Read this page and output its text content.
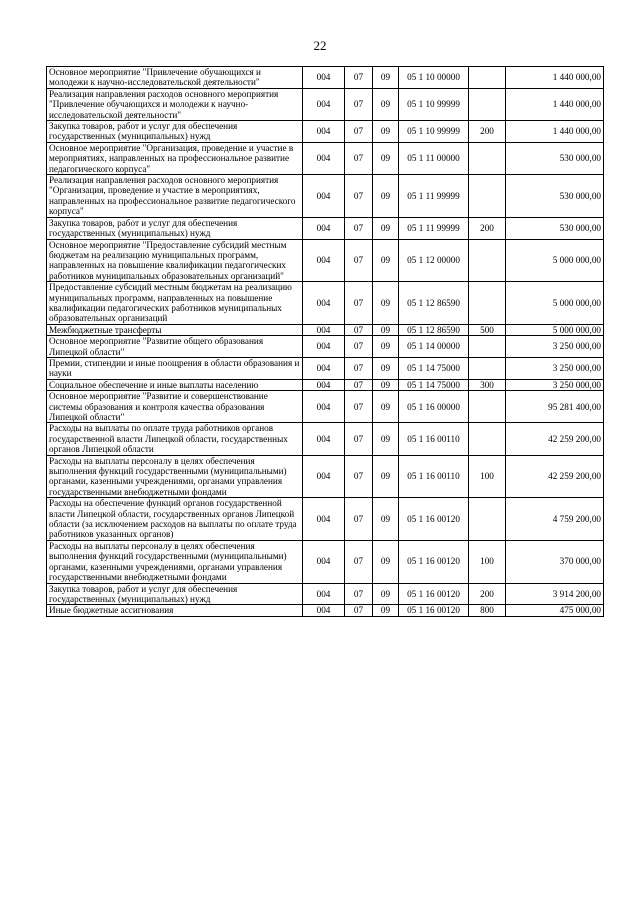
22
Основное мероприятие "Привлечение обучающихся и молодежи к научно-исследовательской деятельности"	004	07	09	05 1 10 00000		1 440 000,00
Реализация направления расходов основного мероприятия "Привлечение обучающихся и молодежи к научно-исследовательской деятельности"	004	07	09	05 1 10 99999		1 440 000,00
Закупка товаров, работ и услуг для обеспечения государственных (муниципальных) нужд	004	07	09	05 1 10 99999	200	1 440 000,00
Основное мероприятие "Организация, проведение и участие в мероприятиях, направленных на профессиональное развитие педагогического корпуса"	004	07	09	05 1 11 00000		530 000,00
Реализация направления расходов основного мероприятия "Организация, проведение и участие в мероприятиях, направленных на профессиональное развитие педагогического корпуса"	004	07	09	05 1 11 99999		530 000,00
Закупка товаров, работ и услуг для обеспечения государственных (муниципальных) нужд	004	07	09	05 1 11 99999	200	530 000,00
Основное мероприятие "Предоставление субсидий местным бюджетам на реализацию муниципальных программ, направленных на повышение квалификации педагогических работников муниципальных образовательных организаций"	004	07	09	05 1 12 00000		5 000 000,00
Предоставление субсидий местным бюджетам на реализацию муниципальных программ, направленных на повышение квалификации педагогических работников муниципальных образовательных организаций	004	07	09	05 1 12 86590		5 000 000,00
Межбюджетные трансферты	004	07	09	05 1 12 86590	500	5 000 000,00
Основное мероприятие "Развитие общего образования Липецкой области"	004	07	09	05 1 14 00000		3 250 000,00
Премии, стипендии и иные поощрения в области образования и науки	004	07	09	05 1 14 75000		3 250 000,00
Социальное обеспечение и иные выплаты населению	004	07	09	05 1 14 75000	300	3 250 000,00
Основное мероприятие "Развитие и совершенствование системы образования и контроля качества образования Липецкой области"	004	07	09	05 1 16 00000		95 281 400,00
Расходы на выплаты по оплате труда работников органов государственной власти Липецкой области, государственных органов Липецкой области	004	07	09	05 1 16 00110		42 259 200,00
Расходы на выплаты персоналу в целях обеспечения выполнения функций государственными (муниципальными) органами, казенными учреждениями, органами управления государственными внебюджетными фондами	004	07	09	05 1 16 00110	100	42 259 200,00
Расходы на обеспечение функций органов государственной власти Липецкой области, государственных органов Липецкой области (за исключением расходов на выплаты по оплате труда работников указанных органов)	004	07	09	05 1 16 00120		4 759 200,00
Расходы на выплаты персоналу в целях обеспечения выполнения функций государственными (муниципальными) органами, казенными учреждениями, органами управления государственными внебюджетными фондами	004	07	09	05 1 16 00120	100	370 000,00
Закупка товаров, работ и услуг для обеспечения государственных (муниципальных) нужд	004	07	09	05 1 16 00120	200	3 914 200,00
Иные бюджетные ассигнования	004	07	09	05 1 16 00120	800	475 000,00
